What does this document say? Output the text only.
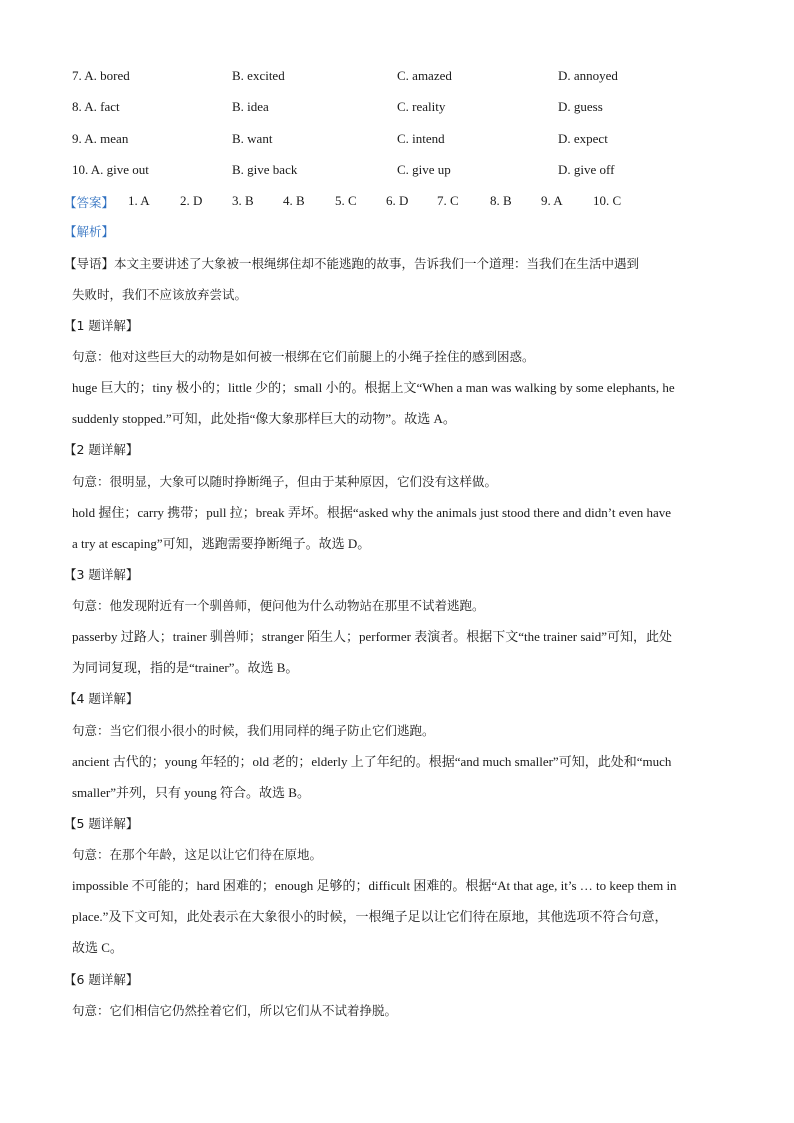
7. A. bored	B. excited	C. amazed	D. annoyed
8. A. fact	B. idea	C. reality	D. guess
9. A. mean	B. want	C. intend	D. expect
10. A. give out	B. give back	C. give up	D. give off
【答案】 1. A 2. D 3. B 4. B 5. C 6. D 7. C 8. B 9. A 10. C
【解析】
【导语】本文主要讲述了大象被一根绳绑住却不能逃跑的故事，告诉我们一个道理：当我们在生活中遇到
失败时，我们不应该放弃尝试。
【1 题详解】
句意：他对这些巨大的动物是如何被一根绑在它们前腿上的小绳子拴住的感到困惑。
huge 巨大的；tiny 极小的；little 少的；small 小的。根据上文“When a man was walking by some elephants, he
suddenly stopped.”可知，此处指“像大象那样巨大的动物”。故选 A。
【2 题详解】
句意：很明显，大象可以随时挣断绳子，但由于某种原因，它们没有这样做。
hold 握住；carry 携带；pull 拉；break 弄坏。根据“asked why the animals just stood there and didn’t even have
a try at escaping”可知，逃跑需要挣断绳子。故选 D。
【3 题详解】
句意：他发现附近有一个驯兽师，便问他为什么动物站在那里不试着逃跑。
passerby 过路人；trainer 驯兽师；stranger 陌生人；performer 表演者。根据下文“the trainer said”可知，此处
为同词复现，指的是“trainer”。故选 B。
【4 题详解】
句意：当它们很小很小的时候，我们用同样的绳子防止它们逃跑。
ancient 古代的；young 年轻的；old 老的；elderly 上了年纪的。根据“and much smaller”可知，此处和“much
smaller”并列，只有 young 符合。故选 B。
【5 题详解】
句意：在那个年龄，这足以让它们待在原地。
impossible 不可能的；hard 困难的；enough 足够的；difficult 困难的。根据“At that age, it’s … to keep them in
place.”及下文可知，此处表示在大象很小的时候，一根绳子足以让它们待在原地，其他选项不符合句意，
故选 C。
【6 题详解】
句意：它们相信它仍然拴着它们，所以它们从不试着挣脱。
